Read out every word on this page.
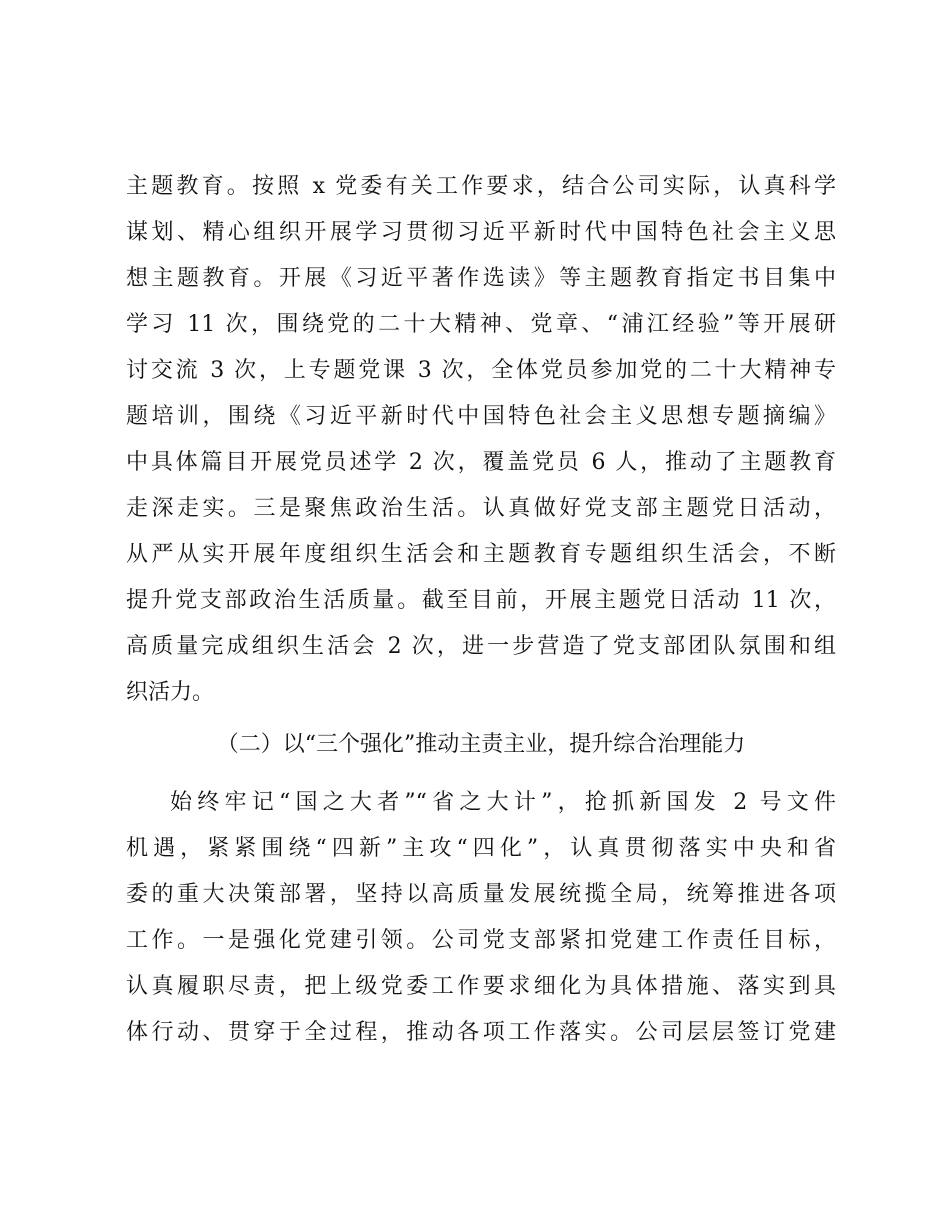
主题教育。按照 x 党委有关工作要求，结合公司实际，认真科学
谋划、精心组织开展学习贯彻习近平新时代中国特色社会主义思
想主题教育。开展《习近平著作选读》等主题教育指定书目集中
学习 11 次，围绕党的二十大精神、党章、“浦江经验”等开展研
讨交流 3 次，上专题党课 3 次，全体党员参加党的二十大精神专
题培训，围绕《习近平新时代中国特色社会主义思想专题摘编》
中具体篇目开展党员述学 2 次，覆盖党员 6 人，推动了主题教育
走深走实。三是聚焦政治生活。认真做好党支部主题党日活动，
从严从实开展年度组织生活会和主题教育专题组织生活会，不断
提升党支部政治生活质量。截至目前，开展主题党日活动 11 次，
高质量完成组织生活会 2 次，进一步营造了党支部团队氛围和组
织活力。
（二）以“三个强化”推动主责主业，提升综合治理能力
始终牢记“国之大者”“省之大计”，抢抓新国发 2 号文件
机遇，紧紧围绕“四新”主攻“四化”，认真贯彻落实中央和省
委的重大决策部署，坚持以高质量发展统揽全局，统筹推进各项
工作。一是强化党建引领。公司党支部紧扣党建工作责任目标，
认真履职尽责，把上级党委工作要求细化为具体措施、落实到具
体行动、贯穿于全过程，推动各项工作落实。公司层层签订党建
